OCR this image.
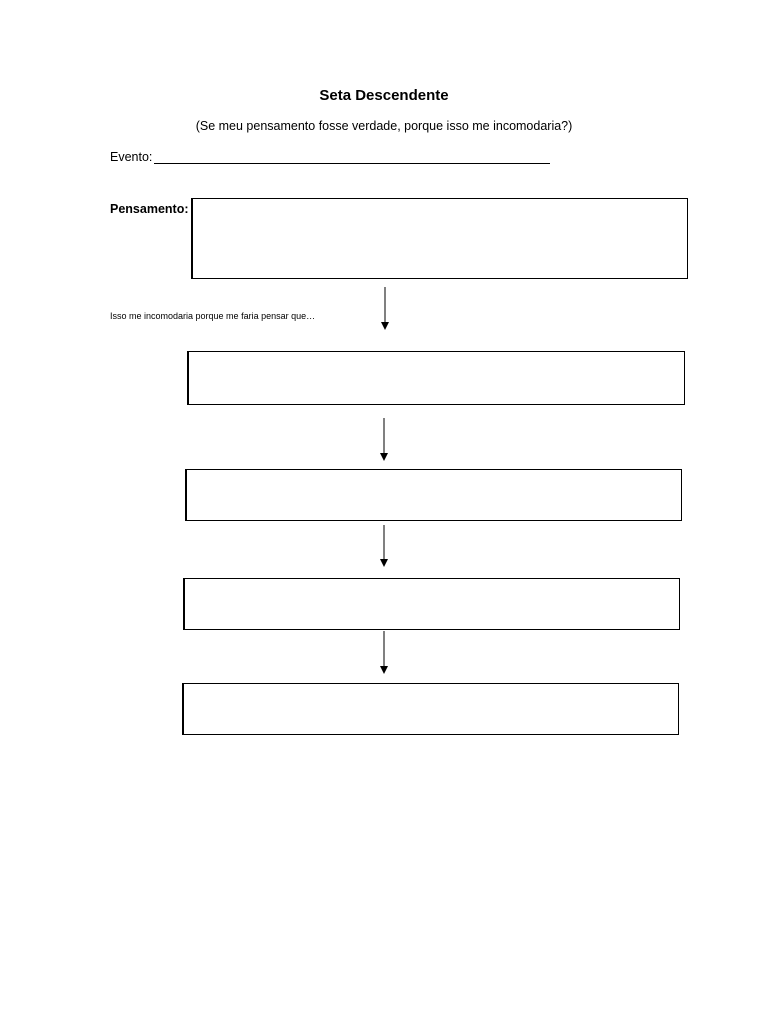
Seta Descendente
(Se meu pensamento fosse verdade, porque isso me incomodaria?)
Evento:
Pensamento:
Isso me incomodaria porque me faria pensar que…
